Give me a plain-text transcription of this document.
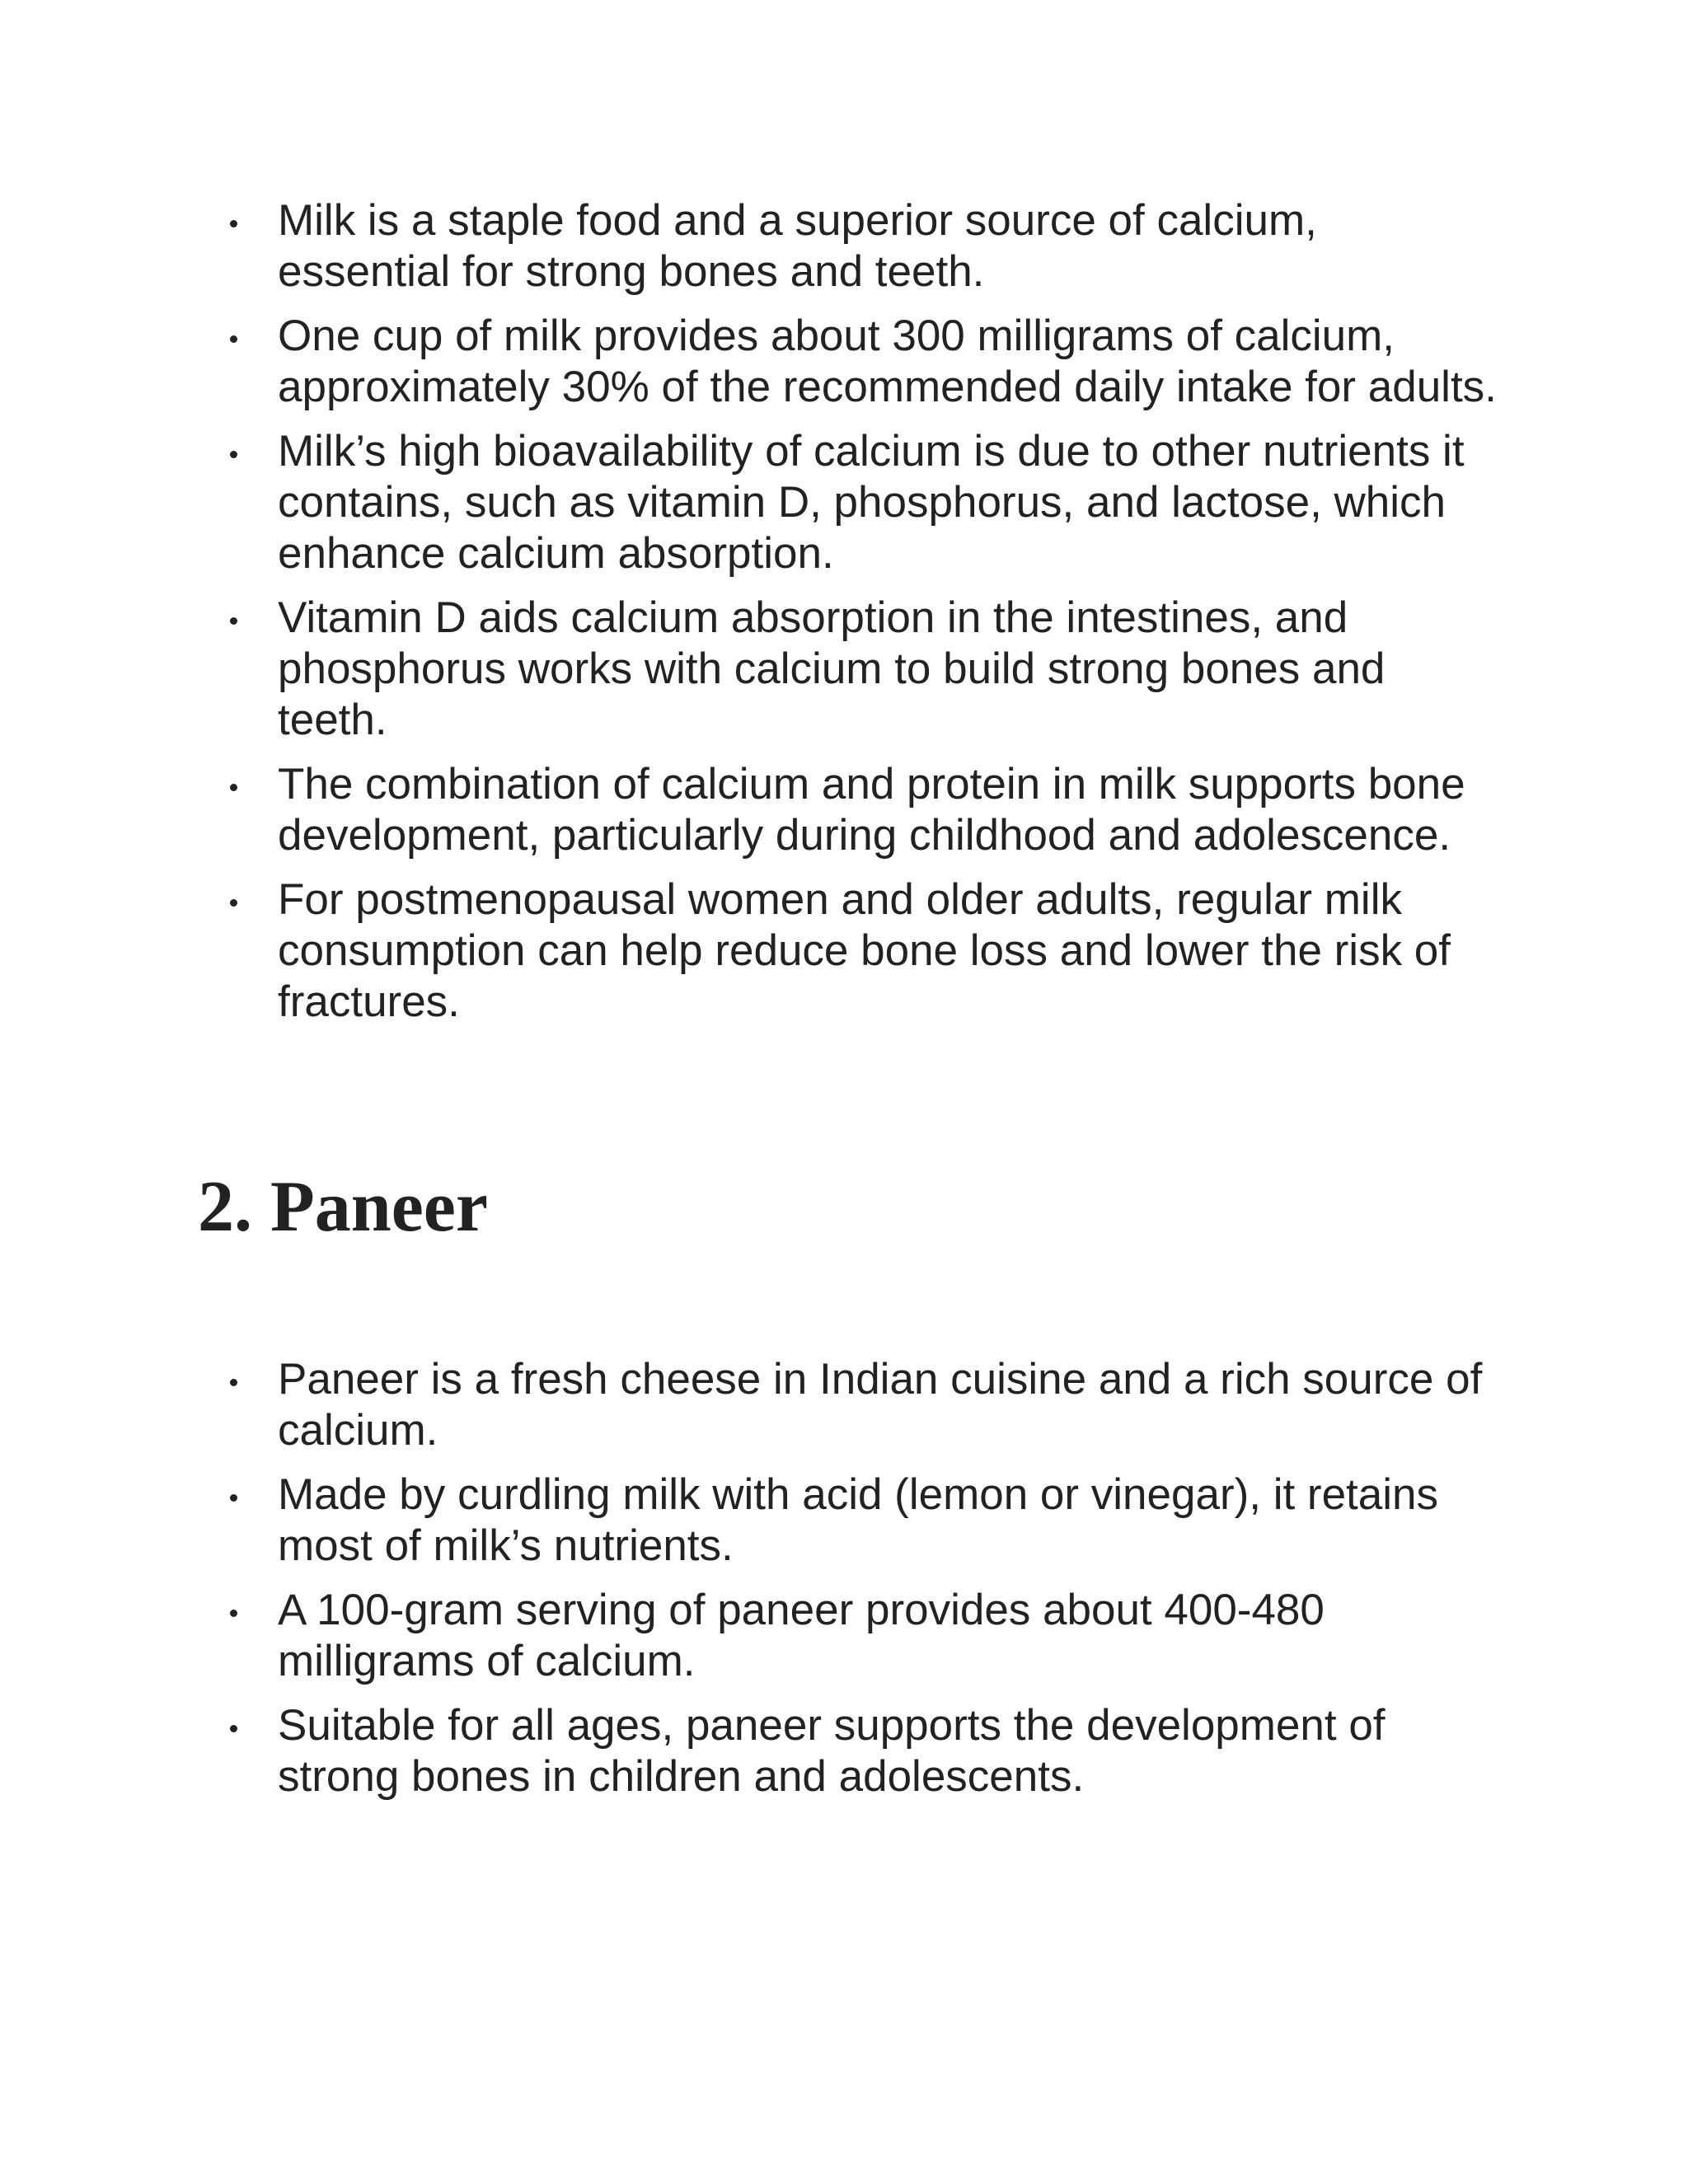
Milk is a staple food and a superior source of calcium, essential for strong bones and teeth.
One cup of milk provides about 300 milligrams of calcium, approximately 30% of the recommended daily intake for adults.
Milk’s high bioavailability of calcium is due to other nutrients it contains, such as vitamin D, phosphorus, and lactose, which enhance calcium absorption.
Vitamin D aids calcium absorption in the intestines, and phosphorus works with calcium to build strong bones and teeth.
The combination of calcium and protein in milk supports bone development, particularly during childhood and adolescence.
For postmenopausal women and older adults, regular milk consumption can help reduce bone loss and lower the risk of fractures.
2. Paneer
Paneer is a fresh cheese in Indian cuisine and a rich source of calcium.
Made by curdling milk with acid (lemon or vinegar), it retains most of milk’s nutrients.
A 100-gram serving of paneer provides about 400-480 milligrams of calcium.
Suitable for all ages, paneer supports the development of strong bones in children and adolescents.
